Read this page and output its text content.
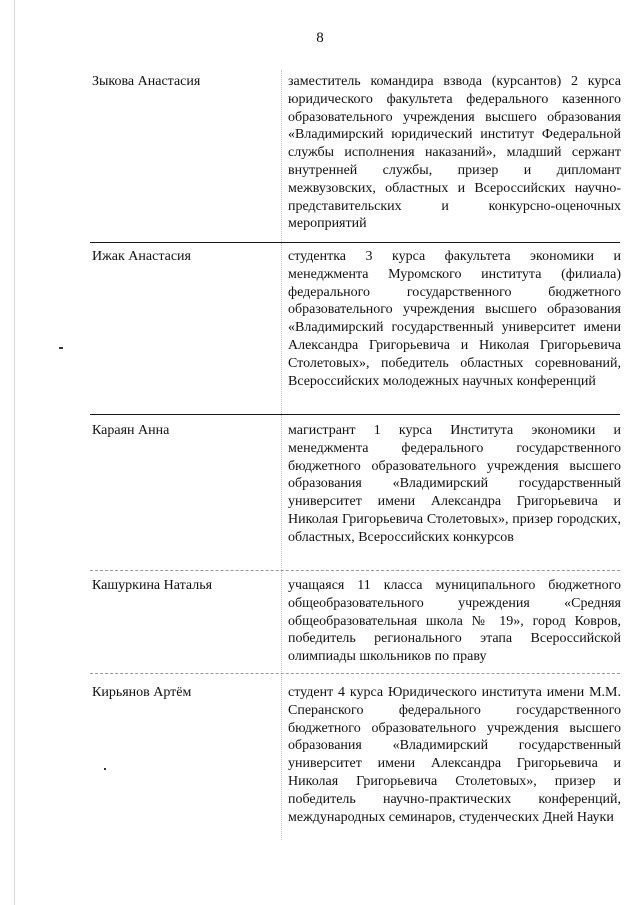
8
Зыкова Анастасия	заместитель командира взвода (курсантов) 2 курса юридического факультета федерального казенного образовательного учреждения высшего образования «Владимирский юридический институт Федеральной службы исполнения наказаний», младший сержант внутренней службы, призер и дипломант межвузовских, областных и Всероссийских научно-представительских и конкурсно-оценочных мероприятий
Ижак Анастасия	студентка 3 курса факультета экономики и менеджмента Муромского института (филиала) федерального государственного бюджетного образовательного учреждения высшего образования «Владимирский государственный университет имени Александра Григорьевича и Николая Григорьевича Столетовых», победитель областных соревнований, Всероссийских молодежных научных конференций
Караян Анна	магистрант 1 курса Института экономики и менеджмента федерального государственного бюджетного образовательного учреждения высшего образования «Владимирский государственный университет имени Александра Григорьевича и Николая Григорьевича Столетовых», призер городских, областных, Всероссийских конкурсов
Кашуркина Наталья	учащаяся 11 класса муниципального бюджетного общеобразовательного учреждения «Средняя общеобразовательная школа № 19», город Ковров, победитель регионального этапа Всероссийской олимпиады школьников по праву
Кирьянов Артём	студент 4 курса Юридического института имени М.М. Сперанского федерального государственного бюджетного образовательного учреждения высшего образования «Владимирский государственный университет имени Александра Григорьевича и Николая Григорьевича Столетовых», призер и победитель научно-практических конференций, международных семинаров, студенческих Дней Науки
